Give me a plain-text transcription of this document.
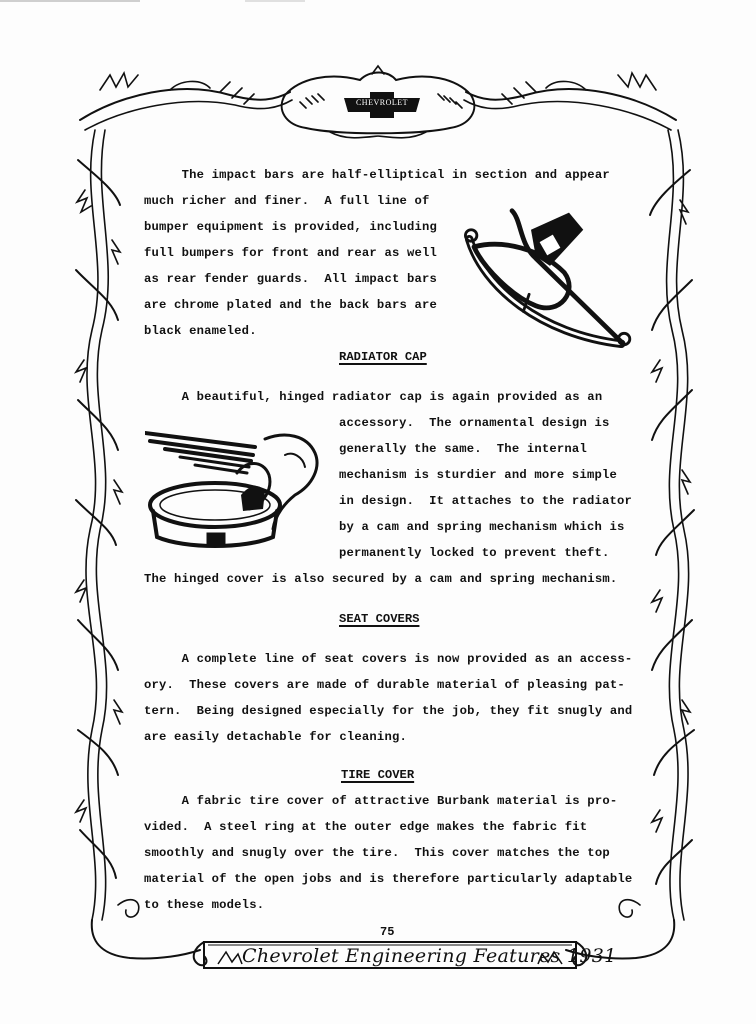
CHEVROLET
The impact bars are half-elliptical in section and appear
much richer and finer.  A full line of
bumper equipment is provided, including
full bumpers for front and rear as well
as rear fender guards.  All impact bars
are chrome plated and the back bars are
black enameled.
RADIATOR CAP
A beautiful, hinged radiator cap is again provided as an
accessory.  The ornamental design is
generally the same.  The internal
mechanism is sturdier and more simple
in design.  It attaches to the radiator
by a cam and spring mechanism which is
permanently locked to prevent theft.
The hinged cover is also secured by a cam and spring mechanism.
SEAT COVERS
A complete line of seat covers is now provided as an access-
ory.  These covers are made of durable material of pleasing pat-
tern.  Being designed especially for the job, they fit snugly and
are easily detachable for cleaning.
TIRE COVER
A fabric tire cover of attractive Burbank material is pro-
vided.  A steel ring at the outer edge makes the fabric fit
smoothly and snugly over the tire.  This cover matches the top
material of the open jobs and is therefore particularly adaptable
to these models.
75
Chevrolet Engineering Features 1931
